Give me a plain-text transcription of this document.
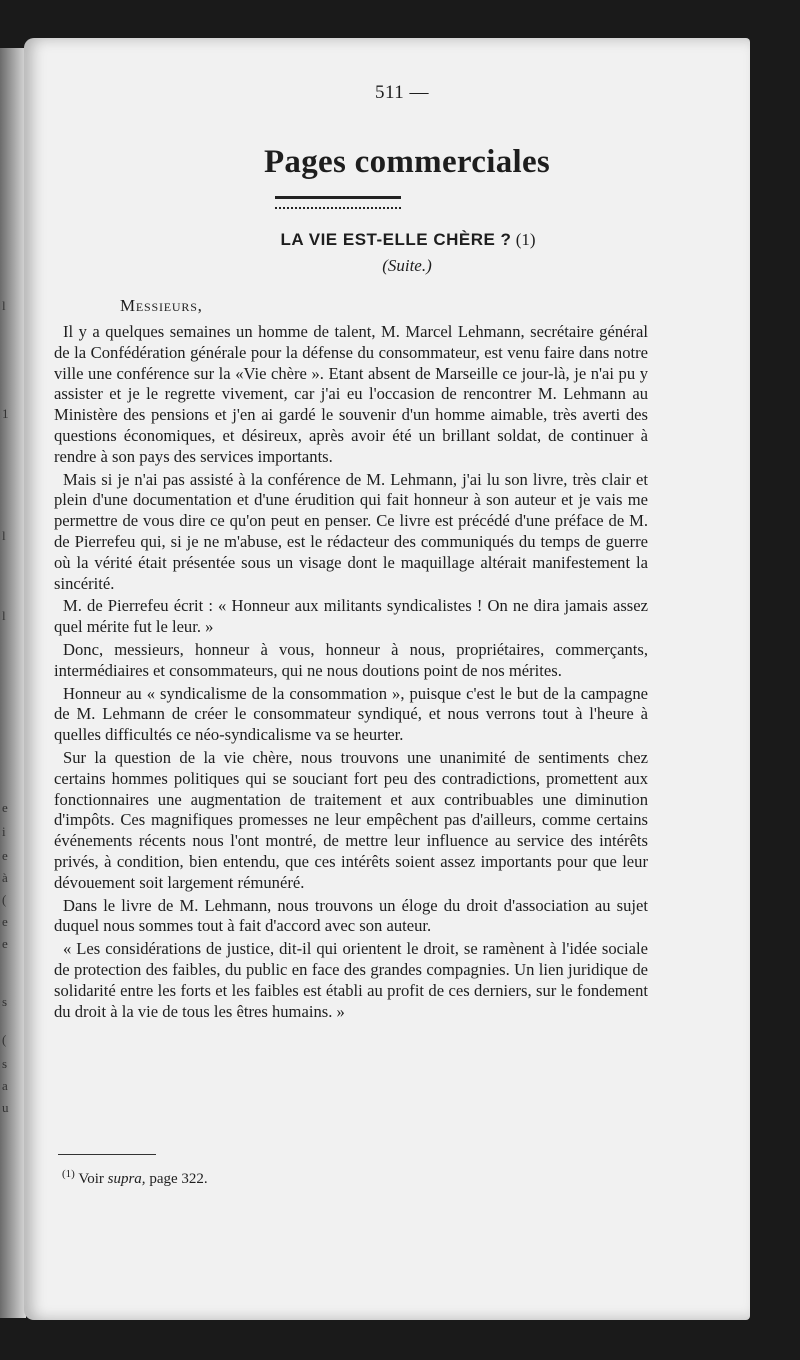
l
1
l
l
e
i
e
à
(
e
e
s
(
s
a
u
511 —
Pages commerciales
LA VIE EST-ELLE CHÈRE ? (1)
(Suite.)
Messieurs,

Il y a quelques semaines un homme de talent, M. Marcel Lehmann, secrétaire général de la Confédération générale pour la défense du consommateur, est venu faire dans notre ville une conférence sur la «Vie chère ». Etant absent de Marseille ce jour-là, je n'ai pu y assister et je le regrette vivement, car j'ai eu l'occasion de rencontrer M. Lehmann au Ministère des pensions et j'en ai gardé le souvenir d'un homme aimable, très averti des questions économiques, et désireux, après avoir été un brillant soldat, de continuer à rendre à son pays des services importants.

Mais si je n'ai pas assisté à la conférence de M. Lehmann, j'ai lu son livre, très clair et plein d'une documentation et d'une érudition qui fait honneur à son auteur et je vais me permettre de vous dire ce qu'on peut en penser. Ce livre est précédé d'une préface de M. de Pierrefeu qui, si je ne m'abuse, est le rédacteur des communiqués du temps de guerre où la vérité était présentée sous un visage dont le maquillage altérait manifestement la sincérité.

M. de Pierrefeu écrit : « Honneur aux militants syndicalistes ! On ne dira jamais assez quel mérite fut le leur. »

Donc, messieurs, honneur à vous, honneur à nous, propriétaires, commerçants, intermédiaires et consommateurs, qui ne nous doutions point de nos mérites.

Honneur au « syndicalisme de la consommation », puisque c'est le but de la campagne de M. Lehmann de créer le consommateur syndiqué, et nous verrons tout à l'heure à quelles difficultés ce néo-syndicalisme va se heurter.

Sur la question de la vie chère, nous trouvons une unanimité de sentiments chez certains hommes politiques qui se souciant fort peu des contradictions, promettent aux fonctionnaires une augmentation de traitement et aux contribuables une diminution d'impôts. Ces magnifiques promesses ne leur empêchent pas d'ailleurs, comme certains événements récents nous l'ont montré, de mettre leur influence au service des intérêts privés, à condition, bien entendu, que ces intérêts soient assez importants pour que leur dévouement soit largement rémunéré.

Dans le livre de M. Lehmann, nous trouvons un éloge du droit d'association au sujet duquel nous sommes tout à fait d'accord avec son auteur.

« Les considérations de justice, dit-il qui orientent le droit, se ramènent à l'idée sociale de protection des faibles, du public en face des grandes compagnies. Un lien juridique de solidarité entre les forts et les faibles est établi au profit de ces derniers, sur le fondement du droit à la vie de tous les êtres humains. »

$^{(1)}$ Voir supra, page 322.
